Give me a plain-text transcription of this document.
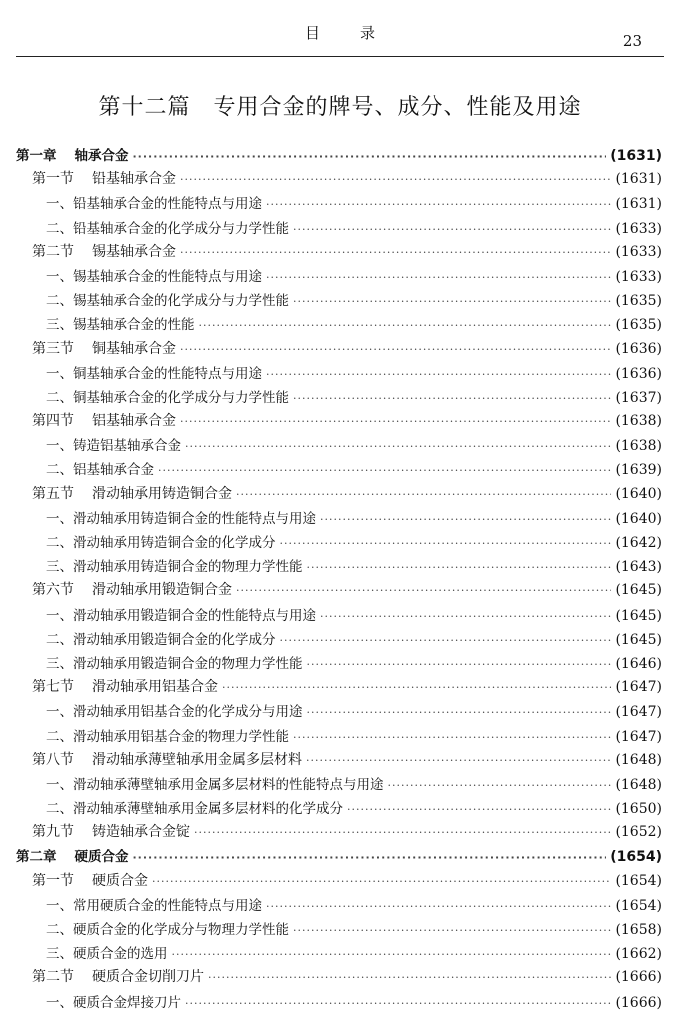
目录	23
第十二篇　专用合金的牌号、成分、性能及用途
第一章 轴承合金 ·····	(1631)
第一节 铅基轴承合金 ·····	(1631)
一、 铅基轴承合金的性能特点与用途 ·····	(1631)
二、 铅基轴承合金的化学成分与力学性能 ·····	(1633)
第二节 锡基轴承合金 ·····	(1633)
一、 锡基轴承合金的性能特点与用途 ·····	(1633)
二、 锡基轴承合金的化学成分与力学性能 ·····	(1635)
三、 锡基轴承合金的性能 ·····	(1635)
第三节 铜基轴承合金 ·····	(1636)
一、 铜基轴承合金的性能特点与用途 ·····	(1636)
二、 铜基轴承合金的化学成分与力学性能 ·····	(1637)
第四节 铝基轴承合金 ·····	(1638)
一、 铸造铝基轴承合金 ·····	(1638)
二、 铝基轴承合金 ·····	(1639)
第五节 滑动轴承用铸造铜合金 ·····	(1640)
一、 滑动轴承用铸造铜合金的性能特点与用途 ·····	(1640)
二、 滑动轴承用铸造铜合金的化学成分 ·····	(1642)
三、 滑动轴承用铸造铜合金的物理力学性能 ·····	(1643)
第六节 滑动轴承用锻造铜合金 ·····	(1645)
一、 滑动轴承用锻造铜合金的性能特点与用途 ·····	(1645)
二、 滑动轴承用锻造铜合金的化学成分 ·····	(1645)
三、 滑动轴承用锻造铜合金的物理力学性能 ·····	(1646)
第七节 滑动轴承用铝基合金 ·····	(1647)
一、 滑动轴承用铝基合金的化学成分与用途 ·····	(1647)
二、 滑动轴承用铝基合金的物理力学性能 ·····	(1647)
第八节 滑动轴承薄壁轴承用金属多层材料 ·····	(1648)
一、 滑动轴承薄壁轴承用金属多层材料的性能特点与用途 ·····	(1648)
二、 滑动轴承薄壁轴承用金属多层材料的化学成分 ·····	(1650)
第九节 铸造轴承合金锭 ·····	(1652)
第二章 硬质合金 ·····	(1654)
第一节 硬质合金 ·····	(1654)
一、 常用硬质合金的性能特点与用途 ·····	(1654)
二、 硬质合金的化学成分与物理力学性能 ·····	(1658)
三、 硬质合金的选用 ·····	(1662)
第二节 硬质合金切削刀片 ·····	(1666)
一、 硬质合金焊接刀片 ·····	(1666)
